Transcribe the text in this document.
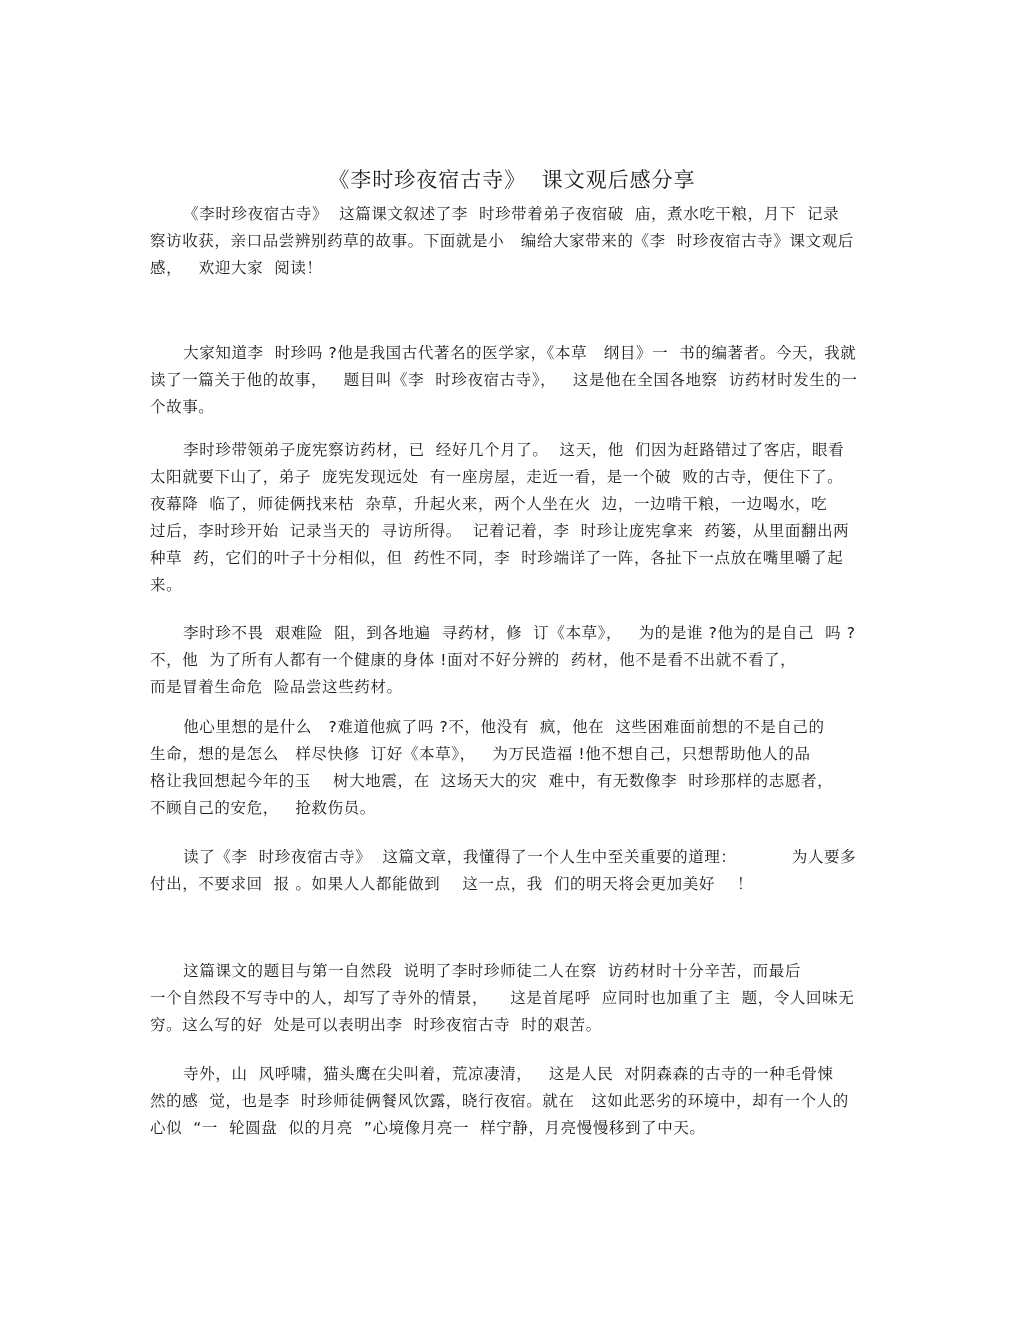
《李时珍夜宿古寺》  课文观后感分享
《李时珍夜宿古寺》  这篇课文叙述了李  时珍带着弟子夜宿破  庙，煮水吃干粮，月下  记录
察访收获，亲口品尝辨别药草的故事。下面就是小   编给大家带来的《李  时珍夜宿古寺》课文观后
感，   欢迎大家  阅读！
大家知道李  时珍吗 ?他是我国古代著名的医学家，《本草   纲目》一  书的编著者。今天，我就
读了一篇关于他的故事，   题目叫《李  时珍夜宿古寺》，   这是他在全国各地察  访药材时发生的一
个故事。
李时珍带领弟子庞宪察访药材，已  经好几个月了。  这天，他  们因为赶路错过了客店，眼看
太阳就要下山了，弟子  庞宪发现远处  有一座房屋，走近一看，是一个破  败的古寺，便住下了。
夜幕降  临了，师徒俩找来枯  杂草，升起火来，两个人坐在火  边，一边啃干粮，一边喝水，吃
过后，李时珍开始  记录当天的  寻访所得。  记着记着，李  时珍让庞宪拿来  药篓，从里面翻出两
种草  药，它们的叶子十分相似，但  药性不同，李  时珍端详了一阵，各扯下一点放在嘴里嚼了起
来。
李时珍不畏  艰难险  阻，到各地遍  寻药材，修  订《本草》，   为的是谁 ?他为的是自己  吗 ?
不，他  为了所有人都有一个健康的身体 !面对不好分辨的  药材，他不是看不出就不看了，
而是冒着生命危  险品尝这些药材。
他心里想的是什么   ?难道他疯了吗 ?不，他没有  疯，他在  这些困难面前想的不是自己的
生命，想的是怎么   样尽快修  订好《本草》，   为万民造福 !他不想自己，只想帮助他人的品
格让我回想起今年的玉    树大地震，在  这场天大的灾  难中，有无数像李  时珍那样的志愿者，
不顾自己的安危，   抢救伤员。
读了《李  时珍夜宿古寺》  这篇文章，我懂得了一个人生中至关重要的道理：          为人要多
付出，不要求回  报 。如果人人都能做到    这一点，我  们的明天将会更加美好    ！
这篇课文的题目与第一自然段  说明了李时珍师徒二人在察  访药材时十分辛苦，而最后
一个自然段不写寺中的人，却写了寺外的情景，    这是首尾呼  应同时也加重了主  题，令人回味无
穷。这么写的好  处是可以表明出李  时珍夜宿古寺  时的艰苦。
寺外，山  风呼啸，猫头鹰在尖叫着，荒凉凄清，   这是人民  对阴森森的古寺的一种毛骨悚
然的感  觉，也是李  时珍师徒俩餐风饮露，晓行夜宿。就在   这如此恶劣的环境中，却有一个人的
心似  “一  轮圆盘  似的月亮  ”心境像月亮一  样宁静，月亮慢慢移到了中天。
